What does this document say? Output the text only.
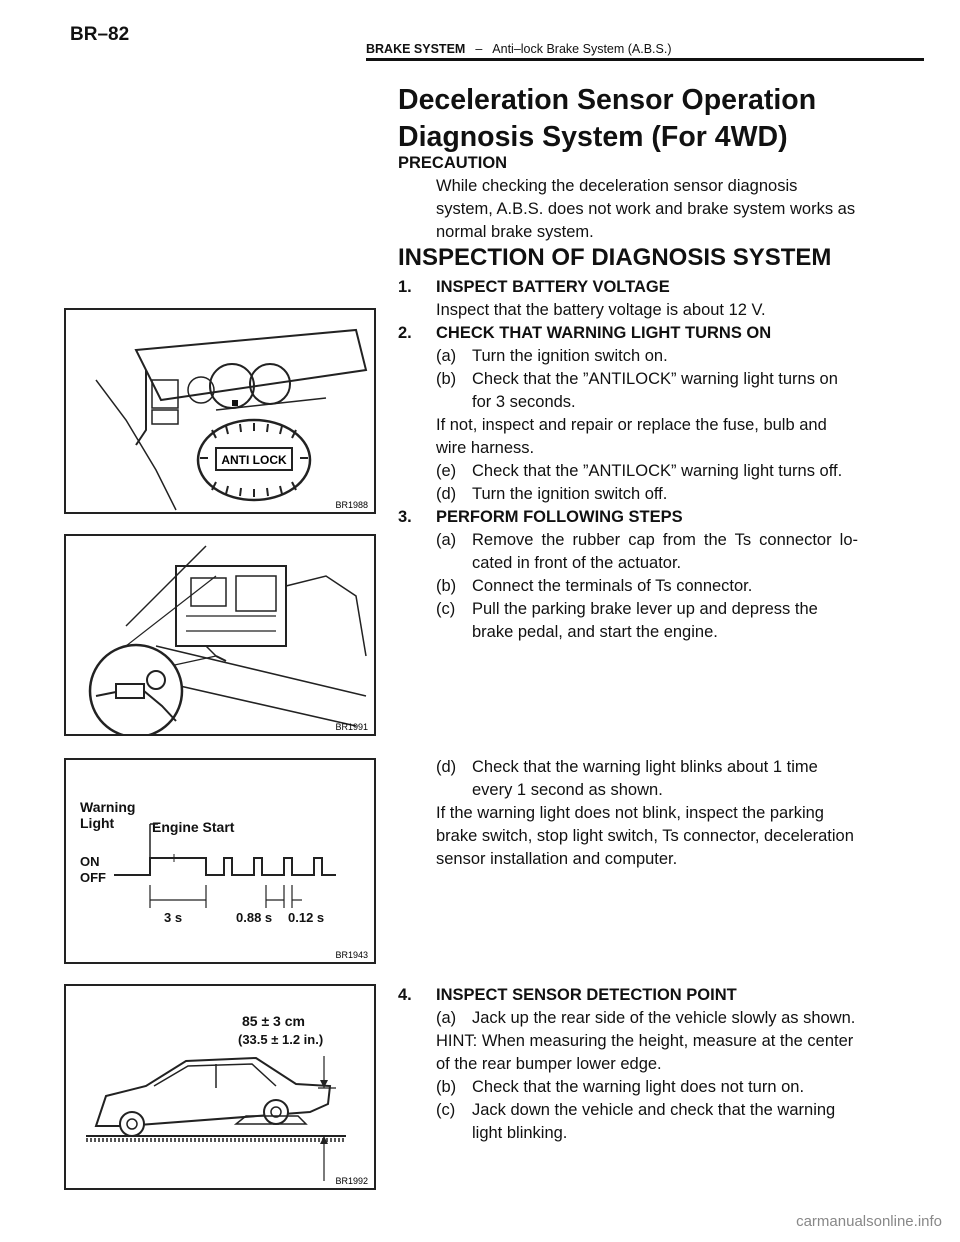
BR–82
BRAKE SYSTEM – Anti–lock Brake System (A.B.S.)
Deceleration Sensor Operation
Diagnosis System (For 4WD)
PRECAUTION
While checking the deceleration sensor diagnosis system, A.B.S. does not work and brake system works as normal brake system.
INSPECTION OF DIAGNOSIS SYSTEM
1.	INSPECT BATTERY VOLTAGE
Inspect that the battery voltage is about 12 V.
2.	CHECK THAT WARNING LIGHT TURNS ON
(a) Turn the ignition switch on.
(b) Check that the ”ANTILOCK” warning light turns on for 3 seconds.
If not, inspect and repair or replace the fuse, bulb and wire harness.
(e) Check that the ”ANTILOCK” warning light turns off.
(d) Turn the ignition switch off.
3.	PERFORM FOLLOWING STEPS
(a) Remove the rubber cap from the Ts connector lo- cated in front of the actuator.
(b) Connect the terminals of Ts connector.
(c)	Pull the parking brake lever up and depress the brake pedal, and start the engine.
(d) Check that the warning light blinks about 1 time every 1 second as shown.
If the warning light does not blink, inspect the parking brake switch, stop light switch, Ts connector, deceleration sensor installation and computer.
4.	INSPECT SENSOR DETECTION POINT
(a) Jack up the rear side of the vehicle slowly as shown.
HINT: When measuring the height, measure at the center of the rear bumper lower edge.
(b) Check that the warning light does not turn on.
(c)	Jack down the vehicle and check that the warning light blinking.
ANTI LOCK
BR1988
BR1991
Warning
Light	Engine Start
ON
OFF
3 s	0.88 s 0.12 s
BR1943
85 ± 3 cm
(33.5 ± 1.2 in.)
BR1992
carmanualsonline.info
